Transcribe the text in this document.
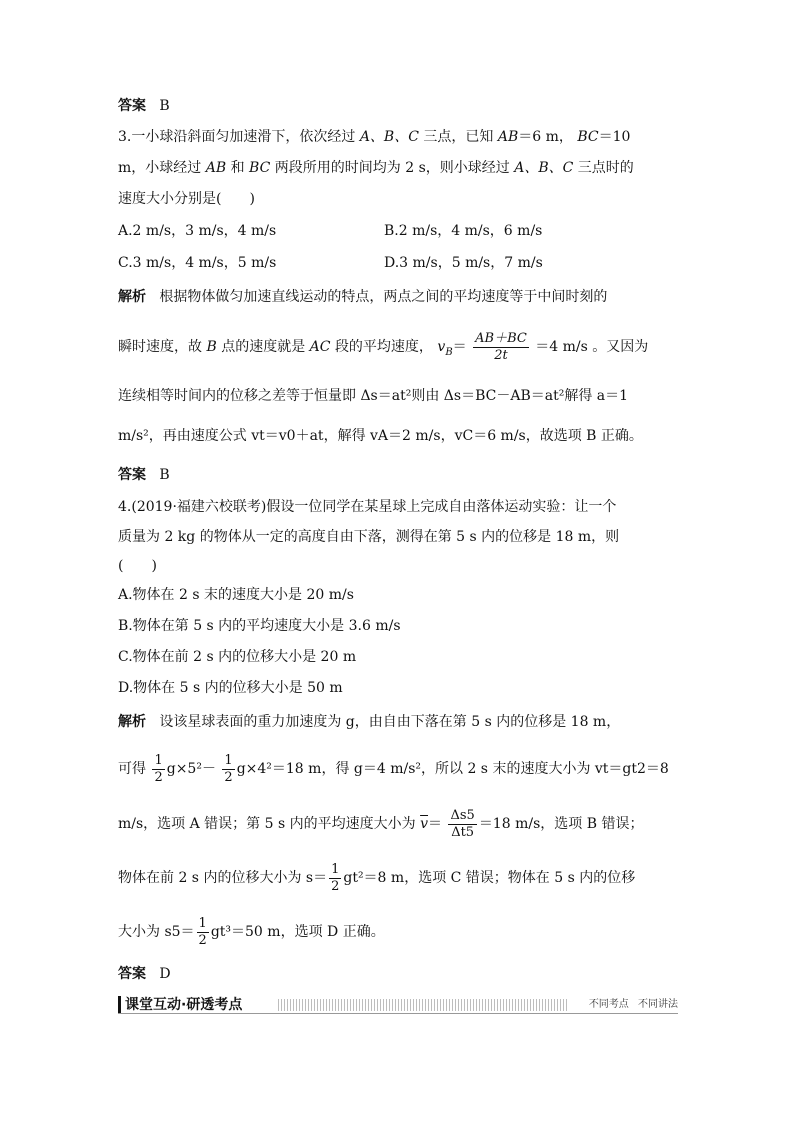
答案 B
3.一小球沿斜面匀加速滑下，依次经过 A、B、C 三点，已知 AB＝6 m， BC＝10
m，小球经过 AB 和 BC 两段所用的时间均为 2 s，则小球经过 A、B、C 三点时的
速度大小分别是(　　)
A.2 m/s，3 m/s，4 m/s	B.2 m/s，4 m/s，6 m/s
C.3 m/s，4 m/s，5 m/s	D.3 m/s，5 m/s，7 m/s
解析 根据物体做匀加速直线运动的特点，两点之间的平均速度等于中间时刻的
瞬时速度，故 B 点的速度就是 AC 段的平均速度， $v_B= \frac{AB+BC}{2t} =4$ m/s 。又因为
连续相等时间内的位移之差等于恒量即 Δs＝at²则由 Δs＝BC－AB＝at²解得 a＝1
m/s²，再由速度公式 vt＝v0＋at，解得 vA＝2 m/s，vC＝6 m/s，故选项 B 正确。
答案 B
4.(2019·福建六校联考)假设一位同学在某星球上完成自由落体运动实验：让一个
质量为 2 kg 的物体从一定的高度自由下落，测得在第 5 s 内的位移是 18 m，则
(　　)
A.物体在 2 s 末的速度大小是 20 m/s
B.物体在第 5 s 内的平均速度大小是 3.6 m/s
C.物体在前 2 s 内的位移大小是 20 m
D.物体在 5 s 内的位移大小是 50 m
解析 设该星球表面的重力加速度为 g，由自由下落在第 5 s 内的位移是 18 m，
可得 $\frac{1}{2} g\times 5^2- \frac{1}{2} g\times 4^2=18$ m，得 g＝4 m/s²，所以 2 s 末的速度大小为 vt＝gt2＝8
m/s，选项 A 错误；第 5 s 内的平均速度大小为 $\overline{v}= \frac{\Delta s5}{\Delta t5} =18$ m/s，选项 B 错误；
物体在前 2 s 内的位移大小为 $s= \frac{1}{2} gt^2=8$ m，选项 C 错误；物体在 5 s 内的位移
大小为 $s5= \frac{1}{2} gt^3=50$ m，选项 D 正确。
答案 D
课堂互动·研透考点	不同考点 不同讲法
